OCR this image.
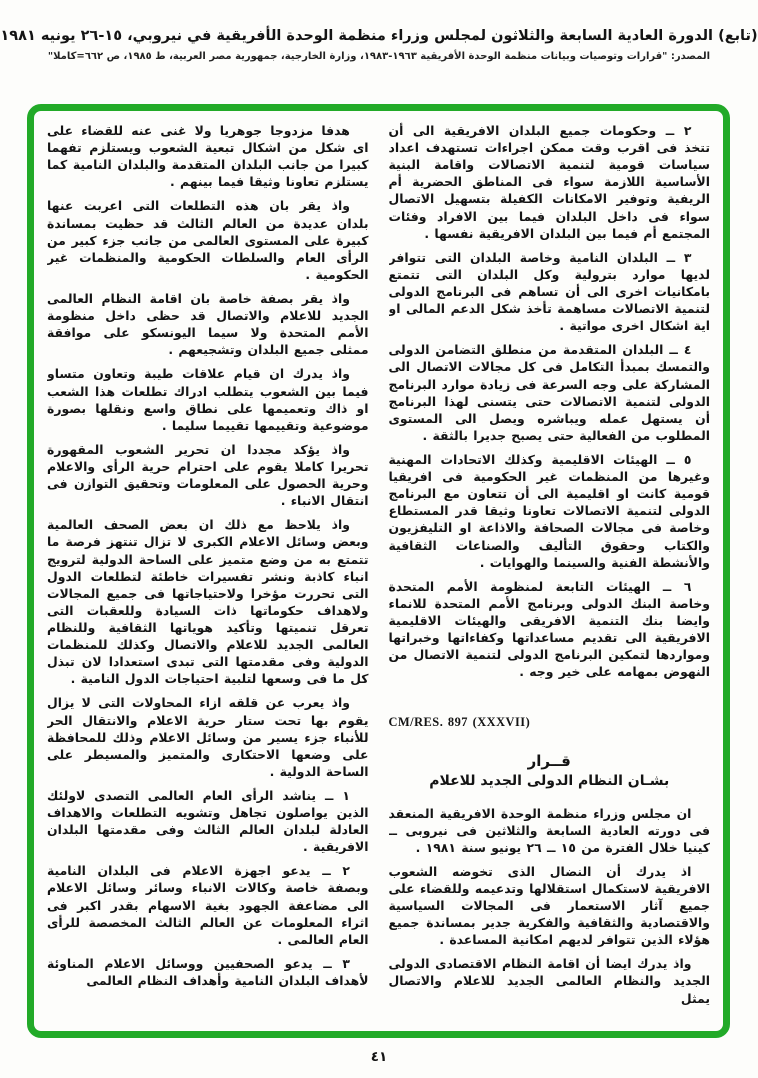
(تابع) الدورة العادية السابعة والثلاثون لمجلس وزراء منظمة الوحدة الأفريقية في نيروبي، ١٥-٢٦ يونيه ١٩٨١
المصدر: "قرارات وتوصيات وبيانات منظمة الوحدة الأفريقية ١٩٦٣-١٩٨٣، وزارة الخارجية، جمهورية مصر العربية، ط ١٩٨٥، ص ٦٦٢=كاملا"

٢ ــ وحكومات جميع البلدان الافريقية الى أن تتخذ فى اقرب وقت ممكن اجراءات تستهدف اعداد سياسات قومية لتنمية الاتصالات واقامة البنية الأساسية اللازمة سواء فى المناطق الحضرية أم الريفية وتوفير الامكانات الكفيلة بتسهيل الاتصال سواء فى داخل البلدان فيما بين الافراد وفئات المجتمع أم فيما بين البلدان الافريقية نفسها .

٣ ــ البلدان النامية وخاصة البلدان التى تتوافر لديها موارد بترولية وكل البلدان التى تتمتع بامكانيات اخرى الى أن تساهم فى البرنامج الدولى لتنمية الاتصالات مساهمة تأخذ شكل الدعم المالى او اية اشكال اخرى مواتية .

٤ ــ البلدان المتقدمة من منطلق التضامن الدولى والتمسك بمبدأ التكامل فى كل مجالات الاتصال الى المشاركة على وجه السرعة فى زيادة موارد البرنامج الدولى لتنمية الاتصالات حتى يتسنى لهذا البرنامج أن يستهل عمله ويباشره ويصل الى المستوى المطلوب من الفعالية حتى يصبح جديرا بالثقة .

٥ ــ الهيئات الاقليمية وكذلك الاتحادات المهنية وغيرها من المنظمات غير الحكومية فى افريقيا قومية كانت او اقليمية الى أن تتعاون مع البرنامج الدولى لتنمية الاتصالات تعاونا وثيقا قدر المستطاع وخاصة فى مجالات الصحافة والاذاعة او التليفزيون والكتاب وحقوق التأليف والصناعات الثقافية والأنشطة الفنية والسينما والهوايات .

٦ ــ الهيئات التابعة لمنظومة الأمم المتحدة وخاصة البنك الدولى وبرنامج الأمم المتحدة للانماء وايضا بنك التنمية الافريقى والهيئات الاقليمية الافريقية الى تقديم مساعداتها وكفاءاتها وخبراتها ومواردها لتمكين البرنامج الدولى لتنمية الاتصال من النهوض بمهامه على خير وجه .

CM/RES. 897 (XXXVII)

قــرار
بشـان النظام الدولى الجديد للاعلام

ان مجلس وزراء منظمة الوحدة الافريقية المنعقد فى دورته العادية السابعة والثلاثين فى نيروبى ــ كينيا خلال الفترة من ١٥ ــ ٢٦ يونيو سنة ١٩٨١ .

اذ يدرك أن النضال الذى تخوضه الشعوب الافريقية لاستكمال استقلالها وتدعيمه وللقضاء على جميع آثار الاستعمار فى المجالات السياسية والاقتصادية والثقافية والفكرية جدير بمساندة جميع هؤلاء الذين تتوافر لديهم امكانية المساعدة .

واذ يدرك ايضا أن اقامة النظام الاقتصادى الدولى الجديد والنظام العالمى الجديد للاعلام والاتصال يمثل

هدفا مزدوجا جوهريا ولا غنى عنه للقضاء على اى شكل من اشكال تبعية الشعوب ويستلزم تفهما كبيرا من جانب البلدان المتقدمة والبلدان النامية كما يستلزم تعاونا وثيقا فيما بينهم .

واذ يقر بان هذه التطلعات التى اعربت عنها بلدان عديدة من العالم الثالث قد حظيت بمساندة كبيرة على المستوى العالمى من جانب جزء كبير من الرأى العام والسلطات الحكومية والمنظمات غير الحكومية .

واذ يقر بصفة خاصة بان اقامة النظام العالمى الجديد للاعلام والاتصال قد حظى داخل منظومة الأمم المتحدة ولا سيما اليونسكو على موافقة ممثلى جميع البلدان وتشجيعهم .

واذ يدرك ان قيام علاقات طيبة وتعاون متساو فيما بين الشعوب يتطلب ادراك تطلعات هذا الشعب او ذاك وتعميمها على نطاق واسع ونقلها بصورة موضوعية وتقييمها تقييما سليما .

واذ يؤكد مجددا ان تحرير الشعوب المقهورة تحريرا كاملا يقوم على احترام حرية الرأى والاعلام وحرية الحصول على المعلومات وتحقيق التوازن فى انتقال الانباء .

واذ يلاحظ مع ذلك ان بعض الصحف العالمية وبعض وسائل الاعلام الكبرى لا تزال تنتهز فرصة ما تتمتع به من وضع متميز على الساحة الدولية لترويج انباء كاذبة ونشر تفسيرات خاطئة لتطلعات الدول التى تحررت مؤخرا ولاحتياجاتها فى جميع المجالات ولاهداف حكوماتها ذات السيادة وللعقبات التى تعرقل تنميتها وتأكيد هوياتها الثقافية وللنظام العالمى الجديد للاعلام والاتصال وكذلك للمنظمات الدولية وفى مقدمتها التى تبدى استعدادا لان تبذل كل ما فى وسعها لتلبية احتياجات الدول النامية .

واذ يعرب عن قلقه ازاء المحاولات التى لا يزال يقوم بها تحت ستار حرية الاعلام والانتقال الحر للأنباء جزء يسير من وسائل الاعلام وذلك للمحافظة على وضعها الاحتكارى والمتميز والمسيطر على الساحة الدولية .

١ ــ يناشد الرأى العام العالمى التصدى لاولئك الذين يواصلون تجاهل وتشويه التطلعات والاهداف العادلة لبلدان العالم الثالث وفى مقدمتها البلدان الافريقية .

٢ ــ يدعو اجهزة الاعلام فى البلدان النامية وبصفة خاصة وكالات الانباء وسائر وسائل الاعلام الى مضاعفة الجهود بغية الاسهام بقدر اكبر فى اثراء المعلومات عن العالم الثالث المخصصة للرأى العام العالمى .

٣ ــ يدعو الصحفيين ووسائل الاعلام المناوئة لأهداف البلدان النامية وأهداف النظام العالمى

٤١
